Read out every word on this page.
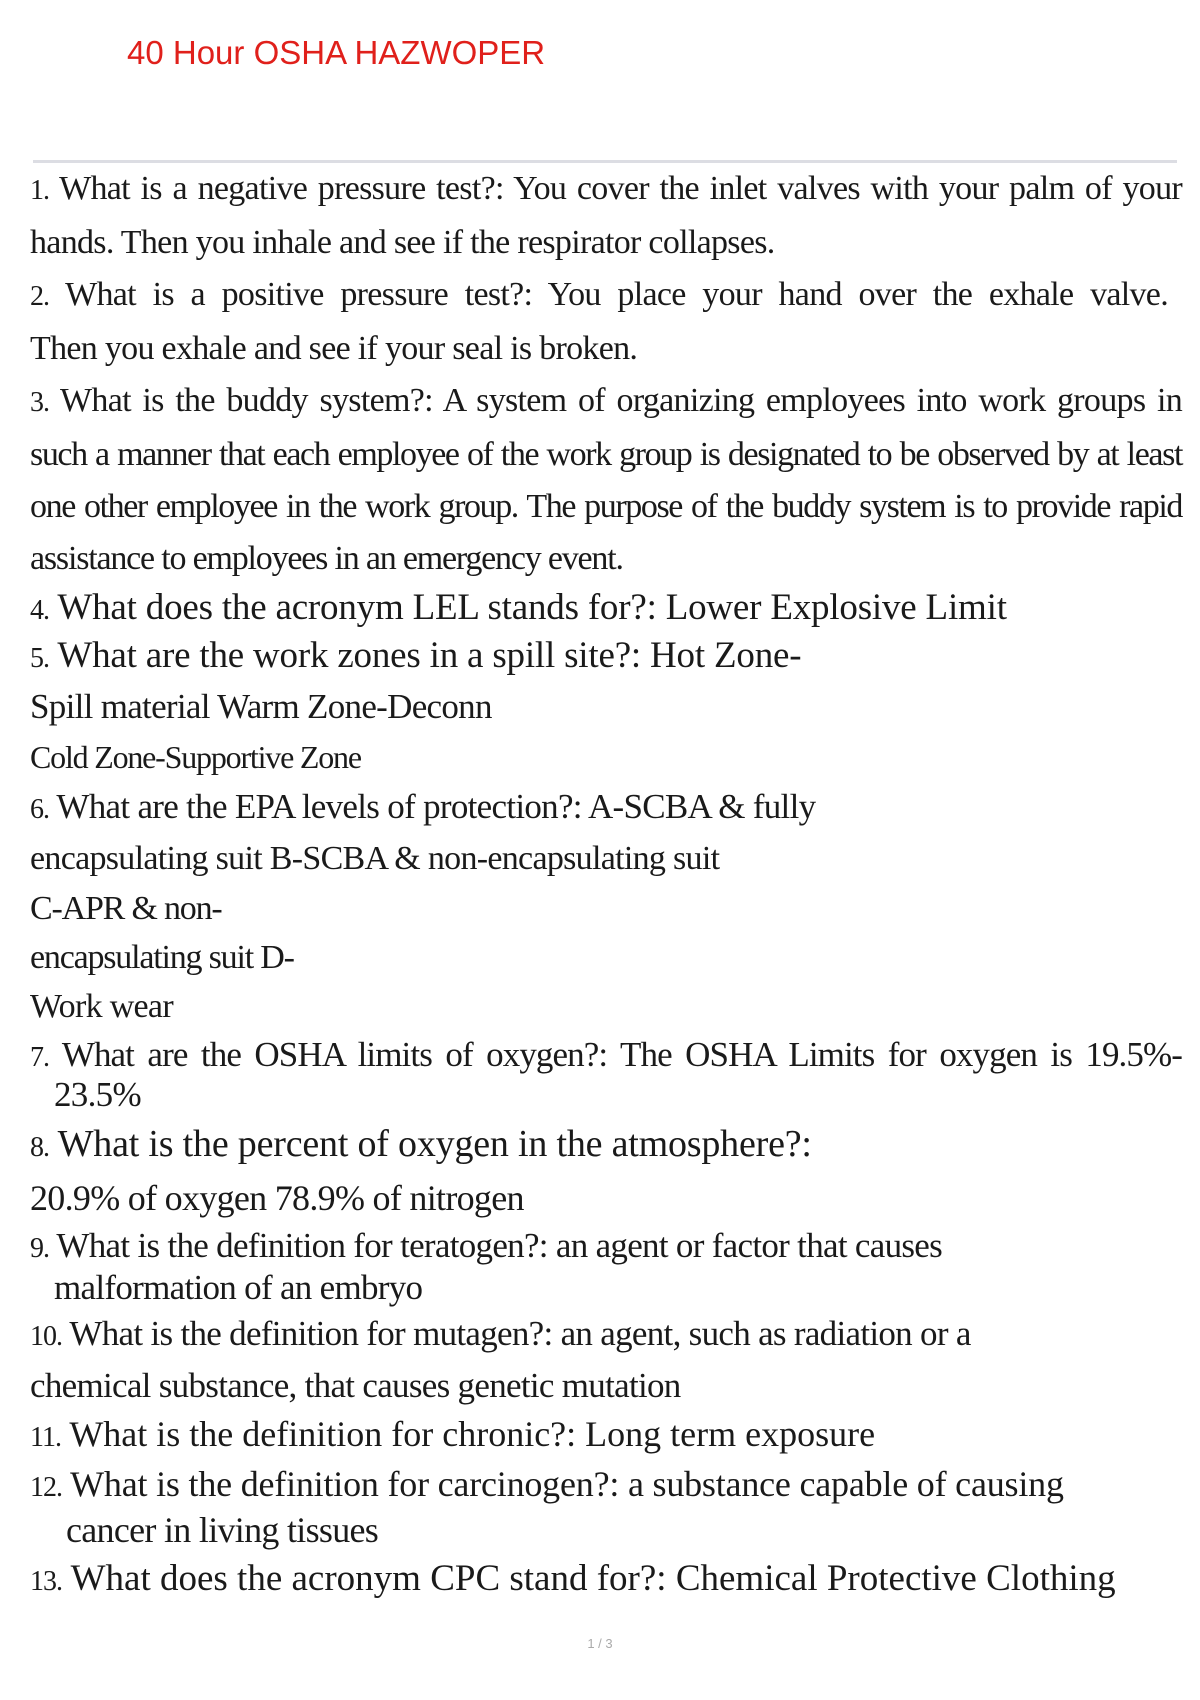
40 Hour OSHA HAZWOPER
1. What is a negative pressure test?: You cover the inlet valves with your palm of your
hands. Then you inhale and see if the respirator collapses.
2. What is a positive pressure test?: You place your hand over the exhale valve.
Then you exhale and see if your seal is broken.
3. What is the buddy system?: A system of organizing employees into work groups in
such a manner that each employee of the work group is designated to be observed by at least
one other employee in the work group. The purpose of the buddy system is to provide rapid
assistance to employees in an emergency event.
4. What does the acronym LEL stands for?: Lower Explosive Limit
5. What are the work zones in a spill site?: Hot Zone-
Spill material Warm Zone-Deconn
Cold Zone-Supportive Zone
6. What are the EPA levels of protection?: A-SCBA & fully
encapsulating suit B-SCBA & non-encapsulating suit
C-APR & non-
encapsulating suit D-
Work wear
7. What are the OSHA limits of oxygen?: The OSHA Limits for oxygen is 19.5%-
23.5%
8. What is the percent of oxygen in the atmosphere?:
20.9% of oxygen 78.9% of nitrogen
9. What is the definition for teratogen?: an agent or factor that causes
malformation of an embryo
10. What is the definition for mutagen?: an agent, such as radiation or a
chemical substance, that causes genetic mutation
11. What is the definition for chronic?: Long term exposure
12. What is the definition for carcinogen?: a substance capable of causing
cancer in living tissues
13. What does the acronym CPC stand for?: Chemical Protective Clothing
1 / 3
